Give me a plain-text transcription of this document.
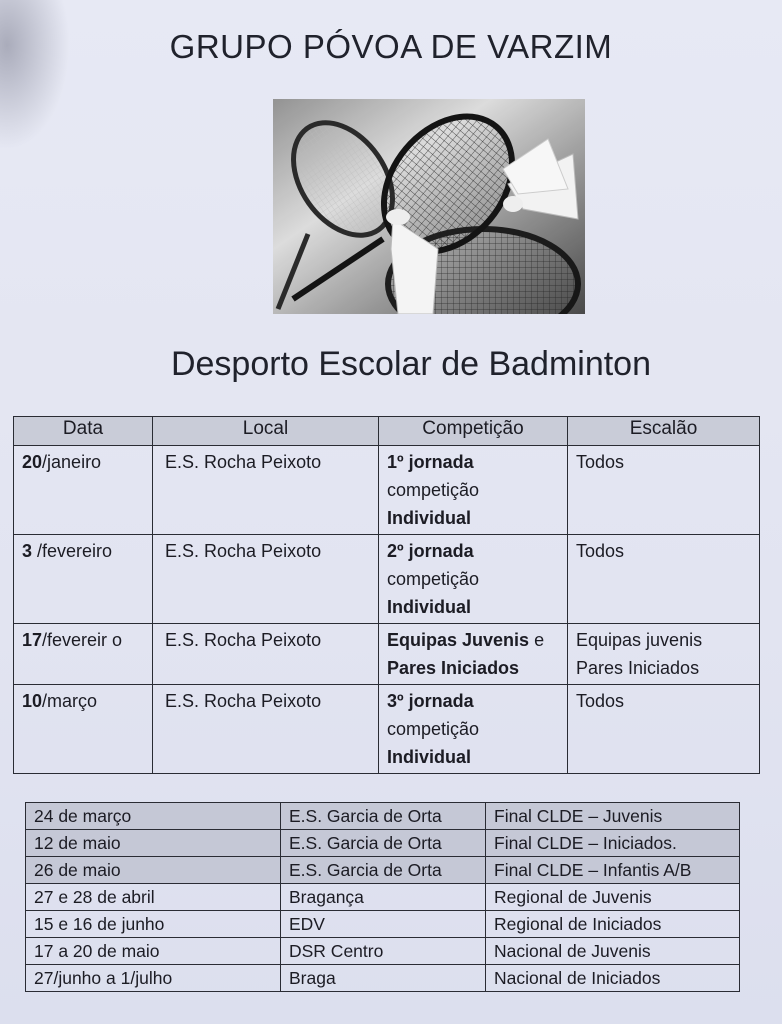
GRUPO PÓVOA DE VARZIM
Desporto Escolar de Badminton
Data	Local	Competição	Escalão
20/janeiro	E.S. Rocha Peixoto	1º jornada
competição
Individual	Todos
3 /fevereiro	E.S. Rocha Peixoto	2º jornada
competição
Individual	Todos
17/fevereir o	E.S. Rocha Peixoto	Equipas Juvenis e
Pares Iniciados	Equipas juvenis Pares Iniciados
10/março	E.S. Rocha Peixoto	3º jornada
competição
Individual	Todos
24 de março	E.S. Garcia de Orta	Final CLDE – Juvenis
12 de maio	E.S. Garcia de Orta	Final CLDE – Iniciados.
26 de maio	E.S. Garcia de Orta	Final CLDE – Infantis A/B
27 e 28 de abril	Bragança	Regional de Juvenis
15 e 16 de junho	EDV	Regional de Iniciados
17 a 20 de maio	DSR Centro	Nacional de Juvenis
27/junho a 1/julho	Braga	Nacional de Iniciados
